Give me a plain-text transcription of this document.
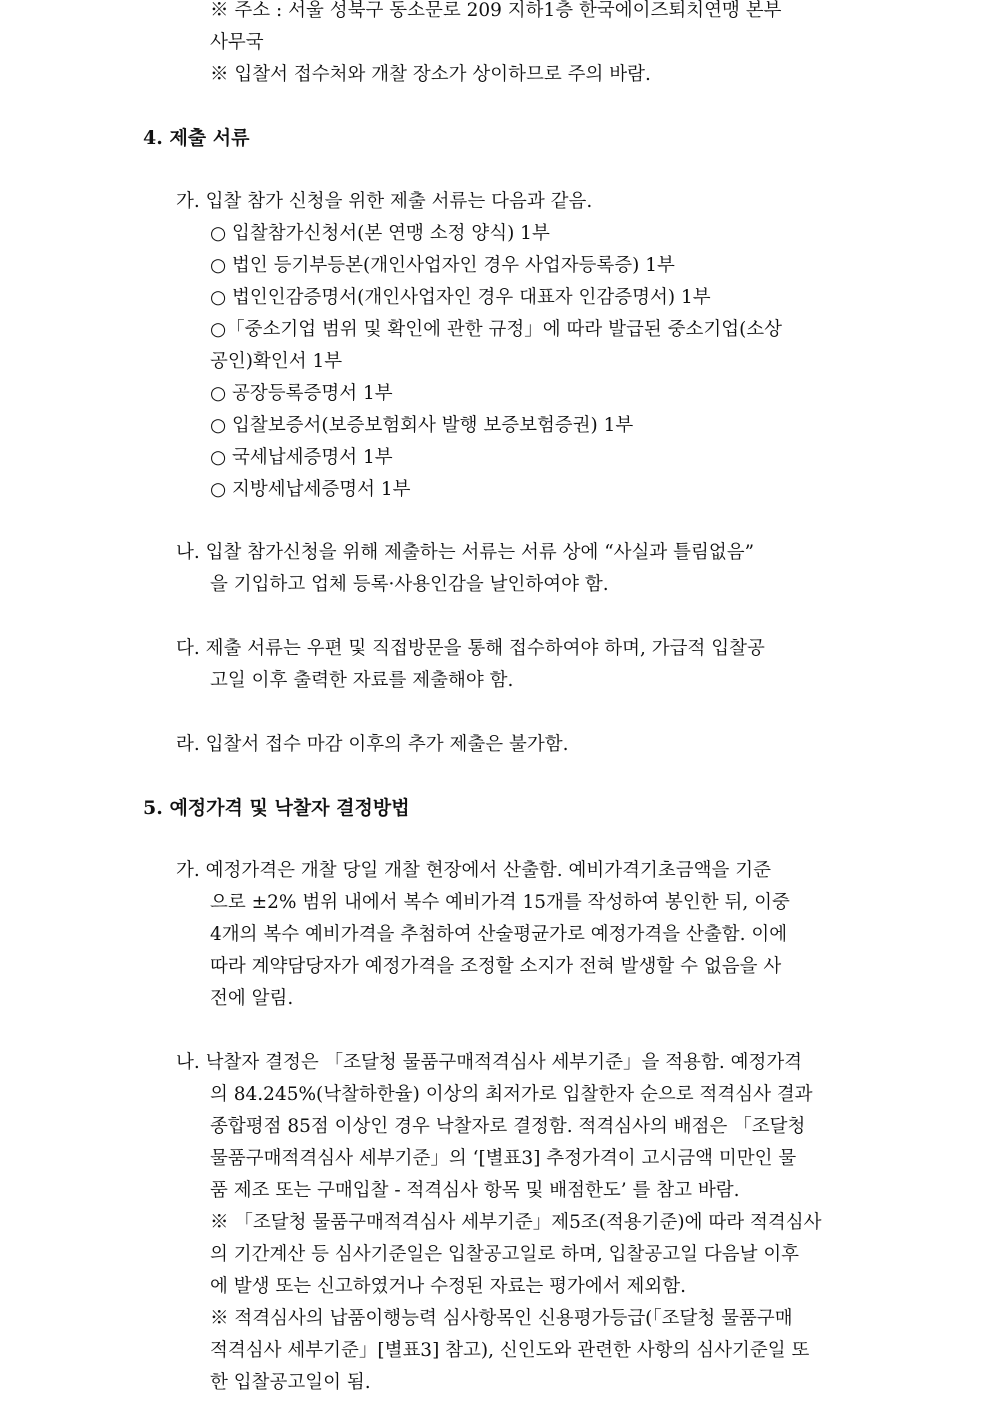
※ 주소 : 서울 성북구 동소문로 209 지하1층 한국에이즈퇴치연맹 본부
사무국
※ 입찰서 접수처와 개찰 장소가 상이하므로 주의 바람.
4. 제출 서류
가. 입찰 참가 신청을 위한 제출 서류는 다음과 같음.
○ 입찰참가신청서(본 연맹 소정 양식) 1부
○ 법인 등기부등본(개인사업자인 경우 사업자등록증) 1부
○ 법인인감증명서(개인사업자인 경우 대표자 인감증명서) 1부
○「중소기업 범위 및 확인에 관한 규정」에 따라 발급된 중소기업(소상
공인)확인서 1부
○ 공장등록증명서 1부
○ 입찰보증서(보증보험회사 발행 보증보험증권) 1부
○ 국세납세증명서 1부
○ 지방세납세증명서 1부
나. 입찰 참가신청을 위해 제출하는 서류는 서류 상에 “사실과 틀림없음”
을 기입하고 업체 등록·사용인감을 날인하여야 함.
다. 제출 서류는 우편 및 직접방문을 통해 접수하여야 하며, 가급적 입찰공
고일 이후 출력한 자료를 제출해야 함.
라. 입찰서 접수 마감 이후의 추가 제출은 불가함.
5. 예정가격 및 낙찰자 결정방법
가. 예정가격은 개찰 당일 개찰 현장에서 산출함. 예비가격기초금액을 기준
으로 ±2% 범위 내에서 복수 예비가격 15개를 작성하여 봉인한 뒤, 이중
4개의 복수 예비가격을 추첨하여 산술평균가로 예정가격을 산출함. 이에
따라 계약담당자가 예정가격을 조정할 소지가 전혀 발생할 수 없음을 사
전에 알림.
나. 낙찰자 결정은 「조달청 물품구매적격심사 세부기준」을 적용함. 예정가격
의 84.245%(낙찰하한율) 이상의 최저가로 입찰한자 순으로 적격심사 결과
종합평점 85점 이상인 경우 낙찰자로 결정함. 적격심사의 배점은 「조달청
물품구매적격심사 세부기준」의 ‘[별표3] 추정가격이 고시금액 미만인 물
품 제조 또는 구매입찰 - 적격심사 항목 및 배점한도’ 를 참고 바람.
※ 「조달청 물품구매적격심사 세부기준」제5조(적용기준)에 따라 적격심사
의 기간계산 등 심사기준일은 입찰공고일로 하며, 입찰공고일 다음날 이후
에 발생 또는 신고하였거나 수정된 자료는 평가에서 제외함.
※ 적격심사의 납품이행능력 심사항목인 신용평가등급(「조달청 물품구매
적격심사 세부기준」[별표3] 참고), 신인도와 관련한 사항의 심사기준일 또
한 입찰공고일이 됨.
